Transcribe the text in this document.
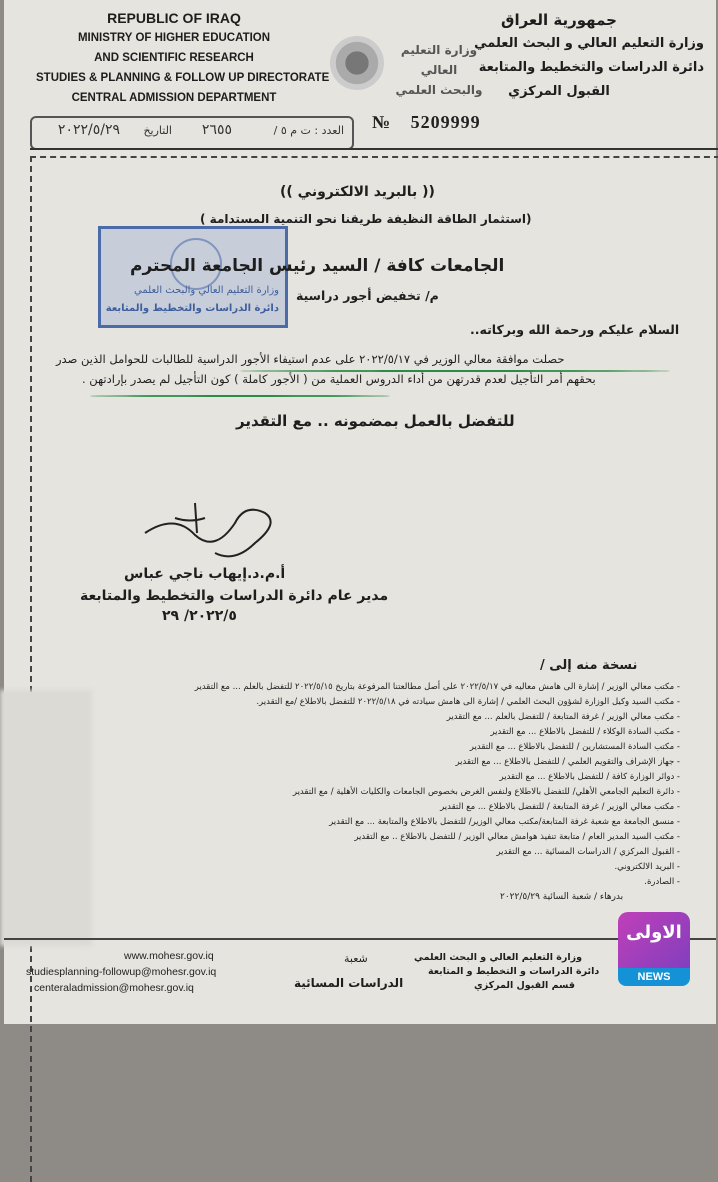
REPUBLIC OF IRAQ
MINISTRY OF HIGHER EDUCATION
AND SCIENTIFIC RESEARCH
STUDIES & PLANNING & FOLLOW UP DIRECTORATE
CENTRAL ADMISSION DEPARTMENT
وزارة التعليم العالي
والبحث العلمي
جمهورية العراق
وزارة التعليم العالي و البحث العلمي
دائرة الدراسات والتخطيط والمتابعة
القبول المركزي
العدد : ت م ٥ /
٢٦٥٥
التاريخ
٢٠٢٢/٥/٢٩	№ 5209999
(( بالبريد الالكتروني ))
(استثمار الطاقة النظيفة طريقنا نحو التنمية المستدامة )
وزارة التعليم العالي والبحث العلمي
دائرة الدراسات والتخطيط والمتابعة
الجامعات كافة / السيد رئيس الجامعة المحترم
م/ تخفيض أجور دراسية
السلام عليكم ورحمة الله وبركاته..
حصلت موافقة معالي الوزير في ٢٠٢٢/٥/١٧ على عدم استيفاء الأجور الدراسية للطالبات للحوامل الذين صدر
بحقهم أمر التأجيل لعدم قدرتهن من أداء الدروس العملية من ( الأجور كاملة ) كون التأجيل لم يصدر بإرادتهن .
للتفضل بالعمل بمضمونه .. مع التقدير
أ.م.د.إيهاب ناجي عباس
مدير عام دائرة الدراسات والتخطيط والمتابعة
٢٠٢٢/٥/ ٢٩
نسخة منه إلى /
- مكتب معالي الوزير / إشارة الى هامش معاليه في ٢٠٢٢/٥/١٧ على أصل مطالعتنا المرفوعة بتاريخ ٢٠٢٢/٥/١٥ للتفضل بالعلم ... مع التقدير
- مكتب السيد وكيل الوزارة لشؤون البحث العلمي / إشارة الى هامش سيادته في ٢٠٢٢/٥/١٨ للتفضل بالاطلاع /مع التقدير.
- مكتب معالي الوزير / غرفة المتابعة / للتفضل بالعلم ... مع التقدير
- مكتب السادة الوكلاء / للتفضل بالاطلاع ... مع التقدير
- مكتب السادة المستشارين / للتفضل بالاطلاع ... مع التقدير
- جهاز الإشراف والتقويم العلمي / للتفضل بالاطلاع ... مع التقدير
- دوائر الوزارة كافة / للتفضل بالاطلاع ... مع التقدير
- دائرة التعليم الجامعي الأهلي/ للتفضل بالاطلاع ولنفس الغرض بخصوص الجامعات والكليات الأهلية / مع التقدير
- مكتب معالي الوزير / غرفة المتابعة / للتفضل بالاطلاع ... مع التقدير
- منسق الجامعة مع شعبة غرفة المتابعة/مكتب معالي الوزير/ للتفضل بالاطلاع والمتابعة ... مع التقدير
- مكتب السيد المدير العام / متابعة تنفيذ هوامش معالي الوزير / للتفضل بالاطلاع .. مع التقدير
- القبول المركزي / الدراسات المسائية ... مع التقدير
- البريد الالكتروني.
- الصادرة.
بدرهاء / شعبة السائية ٢٠٢٢/٥/٢٩
www.mohesr.gov.iq
studiesplanning-followup@mohesr.gov.iq
centeraladmission@mohesr.gov.iq
شعبة
الدراسات المسائية
وزارة التعليم العالي و البحث العلمي
دائرة الدراسات و التخطيط و المتابعة
قسم القبول المركزي
الاولى
NEWS
